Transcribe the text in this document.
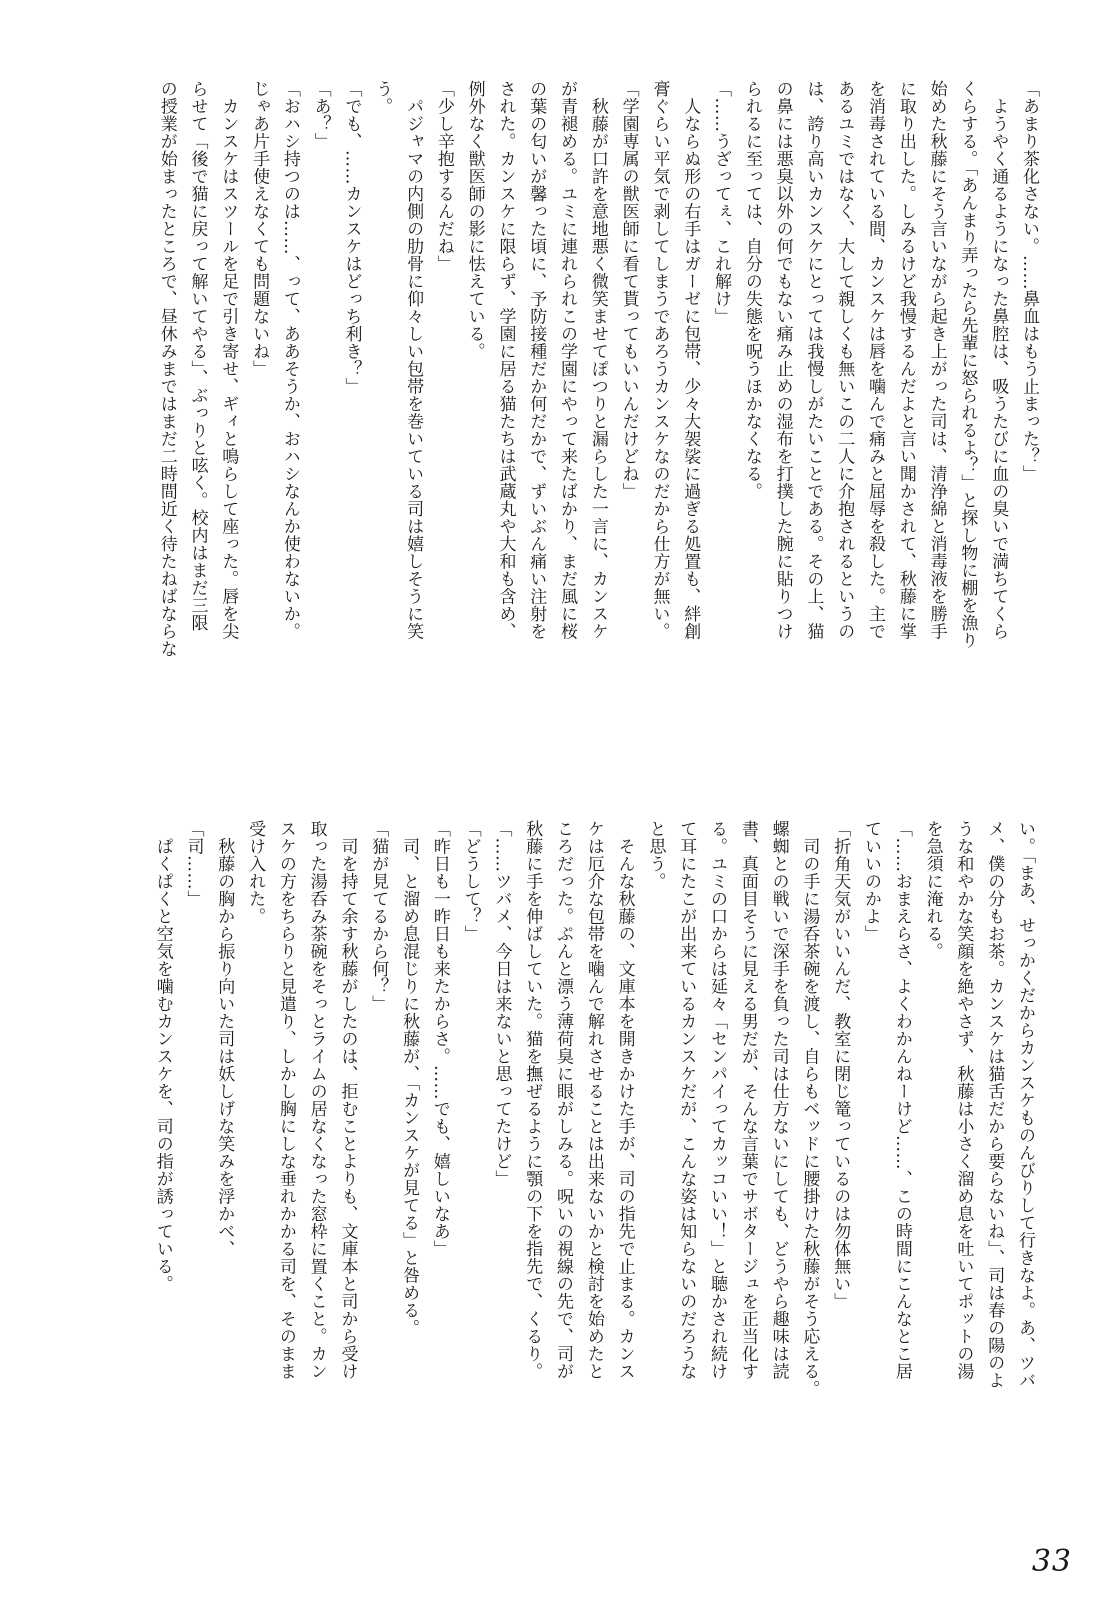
「あまり茶化さない。……鼻血はもう止まった？」

　ようやく通るようになった鼻腔は、吸うたびに血の臭いで満ちてくら

くらする。「あんまり弄ったら先輩に怒られるよ？」と探し物に棚を漁り

始めた秋藤にそう言いながら起き上がった司は、清浄綿と消毒液を勝手

に取り出した。しみるけど我慢するんだよと言い聞かされて、秋藤に掌

を消毒されている間、カンスケは唇を噛んで痛みと屈辱を殺した。主で

あるユミではなく、大して親しくも無いこの二人に介抱されるというの

は、誇り高いカンスケにとっては我慢しがたいことである。その上、猫

の鼻には悪臭以外の何でもない痛み止めの湿布を打撲した腕に貼りつけ

られるに至っては、自分の失態を呪うほかなくなる。

「……うざってぇ、これ解け」

　人ならぬ形の右手はガーゼに包帯、少々大袈裟に過ぎる処置も、絆創

膏ぐらい平気で剥してしまうであろうカンスケなのだから仕方が無い。

「学園専属の獣医師に看て貰ってもいいんだけどね」

　秋藤が口許を意地悪く微笑ませてぽつりと漏らした一言に、カンスケ

が青褪める。ユミに連れられこの学園にやって来たばかり、まだ風に桜

の葉の匂いが馨った頃に、予防接種だか何だかで、ずいぶん痛い注射を

された。カンスケに限らず、学園に居る猫たちは武蔵丸や大和も含め、

例外なく獣医師の影に怯えている。

「少し辛抱するんだね」

　パジャマの内側の肋骨に仰々しい包帯を巻いている司は嬉しそうに笑

う。

「でも、……カンスケはどっち利き？」

「あ？」

「おハシ持つのは……、って、ああそうか、おハシなんか使わないか。

じゃあ片手使えなくても問題ないね」

　カンスケはスツールを足で引き寄せ、ギィと鳴らして座った。唇を尖

らせて「後で猫に戻って解いてやる」、ぶっりと呟く。校内はまだ三限

の授業が始まったところで、昼休みまではまだ二時間近く待たねばならな

い。「まあ、せっかくだからカンスケものんびりして行きなよ。あ、ツバ

メ、僕の分もお茶。カンスケは猫舌だから要らないね」、司は春の陽のよ

うな和やかな笑顔を絶やさず、秋藤は小さく溜め息を吐いてポットの湯

を急須に淹れる。

「……おまえらさ、よくわかんねーけど……、この時間にこんなとこ居

ていいのかよ」

「折角天気がいいんだ、教室に閉じ篭っているのは勿体無い」

　司の手に湯呑茶碗を渡し、自らもベッドに腰掛けた秋藤がそう応える。

螺蜘との戦いで深手を負った司は仕方ないにしても、どうやら趣味は読

書、真面目そうに見える男だが、そんな言葉でサボタージュを正当化す

る。ユミの口からは延々「センパイってカッコいい！」と聴かされ続け

て耳にたこが出来ているカンスケだが、こんな姿は知らないのだろうな

と思う。

　そんな秋藤の、文庫本を開きかけた手が、司の指先で止まる。カンス

ケは厄介な包帯を噛んで解れさせることは出来ないかと検討を始めたと

ころだった。ぷんと漂う薄荷臭に眼がしみる。呪いの視線の先で、司が

秋藤に手を伸ばしていた。猫を撫ぜるように顎の下を指先で、くるり。

「……ツバメ、今日は来ないと思ってたけど」

「どうして？」

「昨日も一昨日も来たからさ。……でも、嬉しいなあ」

　司、と溜め息混じりに秋藤が、「カンスケが見てる」と咎める。

「猫が見てるから何？」

　司を持て余す秋藤がしたのは、拒むことよりも、文庫本と司から受け

取った湯呑み茶碗をそっとライムの居なくなった窓枠に置くこと。カン

スケの方をちらりと見遣り、しかし胸にしな垂れかかる司を、そのまま

受け入れた。

　秋藤の胸から振り向いた司は妖しげな笑みを浮かべ、

「司……」

　ぱくぱくと空気を噛むカンスケを、司の指が誘っている。

33
